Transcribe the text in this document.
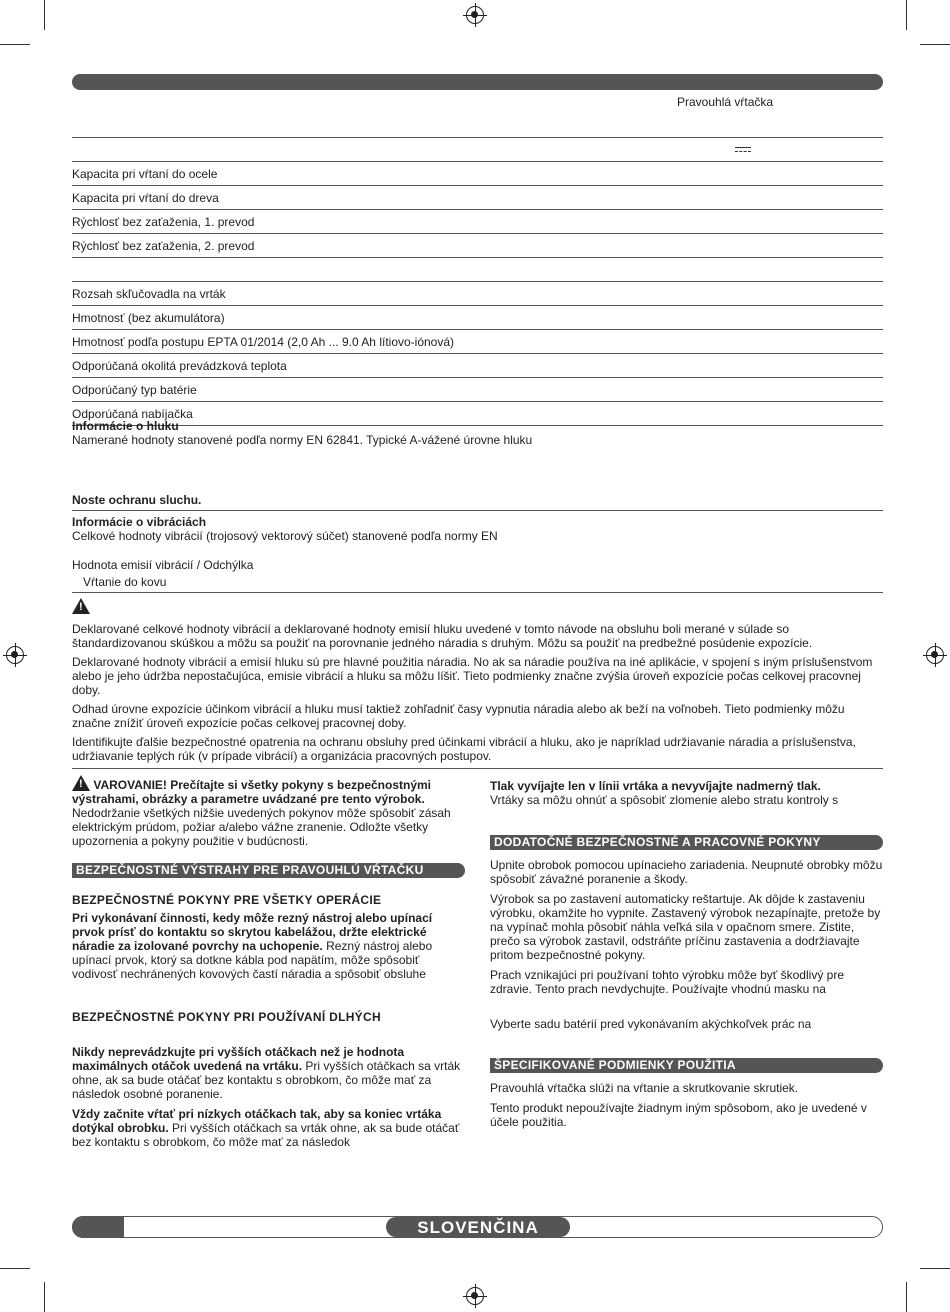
Pravouhlá vŕtačka
Kapacita pri vŕtaní do ocele
Kapacita pri vŕtaní do dreva
Rýchlosť bez zaťaženia, 1. prevod
Rýchlosť bez zaťaženia, 2. prevod
Rozsah skľučovadla na vrták
Hmotnosť (bez akumulátora)
Hmotnosť podľa postupu EPTA 01/2014 (2,0 Ah ... 9.0 Ah lítiovo-iónová)
Odporúčaná okolitá prevádzková teplota
Odporúčaný typ batérie
Odporúčaná nabíjačka
Informácie o hluku
Namerané hodnoty stanovené podľa normy EN 62841. Typické A-vážené úrovne hluku
Noste ochranu sluchu.
Informácie o vibráciách
Celkové hodnoty vibrácií (trojosový vektorový súčet) stanovené podľa normy EN
Hodnota emisií vibrácií / Odchýlka
Vŕtanie do kovu
!
Deklarované celkové hodnoty vibrácií a deklarované hodnoty emisií hluku uvedené v tomto návode na obsluhu boli merané v súlade so štandardizovanou skúškou a môžu sa použiť na porovnanie jedného náradia s druhým. Môžu sa použiť na predbežné posúdenie expozície.
Deklarované hodnoty vibrácií a emisií hluku sú pre hlavné použitia náradia. No ak sa náradie používa na iné aplikácie, v spojení s iným príslušenstvom alebo je jeho údržba nepostačujúca, emisie vibrácií a hluku sa môžu líšiť. Tieto podmienky značne zvýšia úroveň expozície počas celkovej pracovnej doby.
Odhad úrovne expozície účinkom vibrácií a hluku musí taktiež zohľadniť časy vypnutia náradia alebo ak beží na voľnobeh. Tieto podmienky môžu značne znížiť úroveň expozície počas celkovej pracovnej doby.
Identifikujte ďalšie bezpečnostné opatrenia na ochranu obsluhy pred účinkami vibrácií a hluku, ako je napríklad udržiavanie náradia a príslušenstva, udržiavanie teplých rúk (v prípade vibrácií) a organizácia pracovných postupov.

! VAROVANIE! Prečítajte si všetky pokyny s bezpečnostnými výstrahami, obrázky a parametre uvádzané pre tento výrobok.
Nedodržanie všetkých nižšie uvedených pokynov môže spôsobiť zásah elektrickým prúdom, požiar a/alebo vážne zranenie. Odložte všetky upozornenia a pokyny použitie v budúcnosti.

BEZPEČNOSTNÉ VÝSTRAHY PRE PRAVOUHLÚ VŔTAČKU
BEZPEČNOSTNÉ POKYNY PRE VŠETKY OPERÁCIE

Pri vykonávaní činnosti, kedy môže rezný nástroj alebo upínací prvok prísť do kontaktu so skrytou kabelážou, držte elektrické náradie za izolované povrchy na uchopenie. Rezný nástroj alebo upínací prvok, ktorý sa dotkne kábla pod napätím, môže spôsobiť vodivosť nechránených kovových častí náradia a spôsobiť obsluhe

BEZPEČNOSTNÉ POKYNY PRI POUŽÍVANÍ DLHÝCH

Nikdy neprevádzkujte pri vyšších otáčkach než je hodnota maximálnych otáčok uvedená na vrtáku. Pri vyšších otáčkach sa vrták ohne, ak sa bude otáčať bez kontaktu s obrobkom, čo môže mať za následok osobné poranenie.

Vždy začnite vŕtať pri nízkych otáčkach tak, aby sa koniec vrtáka dotýkal obrobku. Pri vyšších otáčkach sa vrták ohne, ak sa bude otáčať bez kontaktu s obrobkom, čo môže mať za následok

Tlak vyvíjajte len v línii vrtáka a nevyvíjajte nadmerný tlak.
Vrtáky sa môžu ohnúť a spôsobiť zlomenie alebo stratu kontroly s

DODATOČNÉ BEZPEČNOSTNÉ A PRACOVNÉ POKYNY

Upnite obrobok pomocou upínacieho zariadenia. Neupnuté obrobky môžu spôsobiť závažné poranenie a škody.

Výrobok sa po zastavení automaticky reštartuje. Ak dôjde k zastaveniu výrobku, okamžite ho vypnite. Zastavený výrobok nezapínajte, pretože by na vypínač mohla pôsobiť náhla veľká sila v opačnom smere. Zistite, prečo sa výrobok zastavil, odstráňte príčinu zastavenia a dodržiavajte pritom bezpečnostné pokyny.

Prach vznikajúci pri používaní tohto výrobku môže byť škodlivý pre zdravie. Tento prach nevdychujte. Používajte vhodnú masku na

Vyberte sadu batérií pred vykonávaním akýchkoľvek prác na
ŠPECIFIKOVANÉ PODMIENKY POUŽITIA

Pravouhlá vŕtačka slúži na vŕtanie a skrutkovanie skrutiek.

Tento produkt nepoužívajte žiadnym iným spôsobom, ako je uvedené v účele použitia.

SLOVENČINA
